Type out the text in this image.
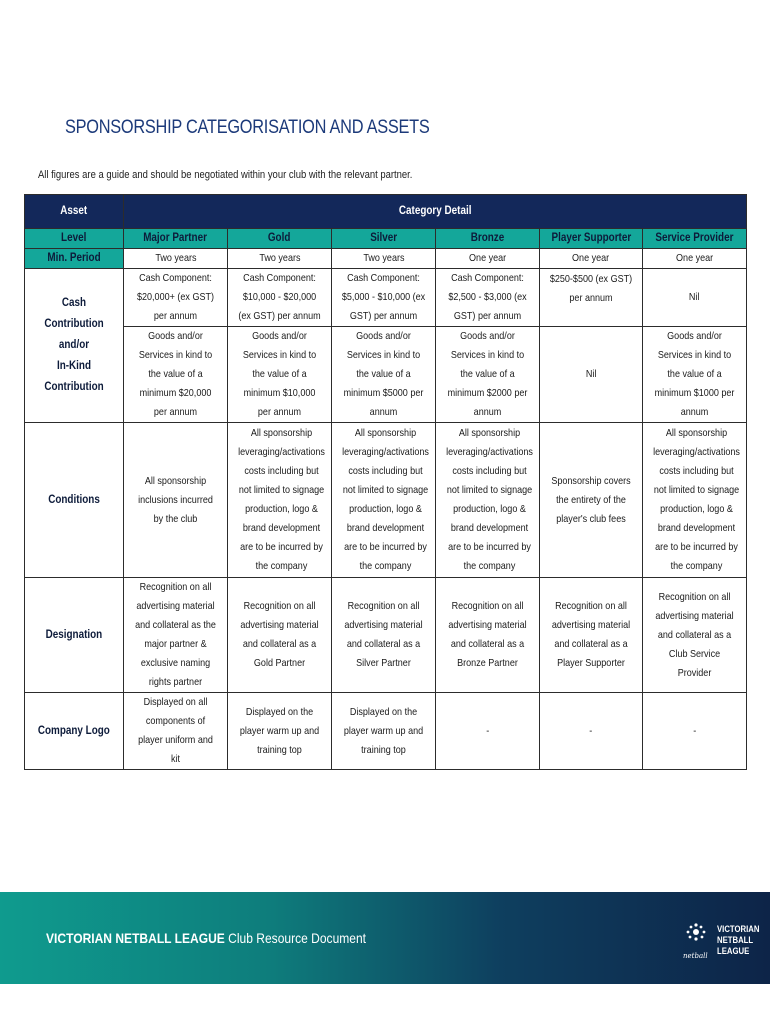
SPONSORSHIP CATEGORISATION AND ASSETS
All figures are a guide and should be negotiated within your club with the relevant partner.
Asset	Category Detail					
Level	Major Partner	Gold	Silver	Bronze	Player Supporter	Service Provider
Min. Period	Two years	Two years	Two years	One year	One year	One year

Cash Contribution
and/or
In-Kind Contribution	Cash Component: $20,000+ (ex GST) per annum	Cash Component: $10,000 - $20,000 (ex GST) per annum	Cash Component: $5,000 - $10,000 (ex GST) per annum	Cash Component: $2,500 - $3,000 (ex GST) per annum	$250-$500 (ex GST) per annum	Nil
	Goods and/or Services in kind to the value of a minimum $20,000 per annum	Goods and/or Services in kind to the value of a minimum $10,000 per annum	Goods and/or Services in kind to the value of a minimum $5000 per annum	Goods and/or Services in kind to the value of a minimum $2000 per annum	Nil	Goods and/or Services in kind to the value of a minimum $1000 per annum
Conditions	All sponsorship inclusions incurred by the club	All sponsorship leveraging/activations costs including but not limited to signage production, logo & brand development are to be incurred by the company	All sponsorship leveraging/activations costs including but not limited to signage production, logo & brand development are to be incurred by the company	All sponsorship leveraging/activations costs including but not limited to signage production, logo & brand development are to be incurred by the company	Sponsorship covers the entirety of the player's club fees	All sponsorship leveraging/activations costs including but not limited to signage production, logo & brand development are to be incurred by the company
Designation	Recognition on all advertising material and collateral as the major partner & exclusive naming rights partner	Recognition on all advertising material and collateral as a Gold Partner	Recognition on all advertising material and collateral as a Silver Partner	Recognition on all advertising material and collateral as a Bronze Partner	Recognition on all advertising material and collateral as a Player Supporter	Recognition on all advertising material and collateral as a Club Service Provider
Company Logo	Displayed on all components of player uniform and kit	Displayed on the player warm up and training top	Displayed on the player warm up and training top	-	-	-
VICTORIAN NETBALL LEAGUE Club Resource Document
netball
VICTORIAN
NETBALL
LEAGUE
